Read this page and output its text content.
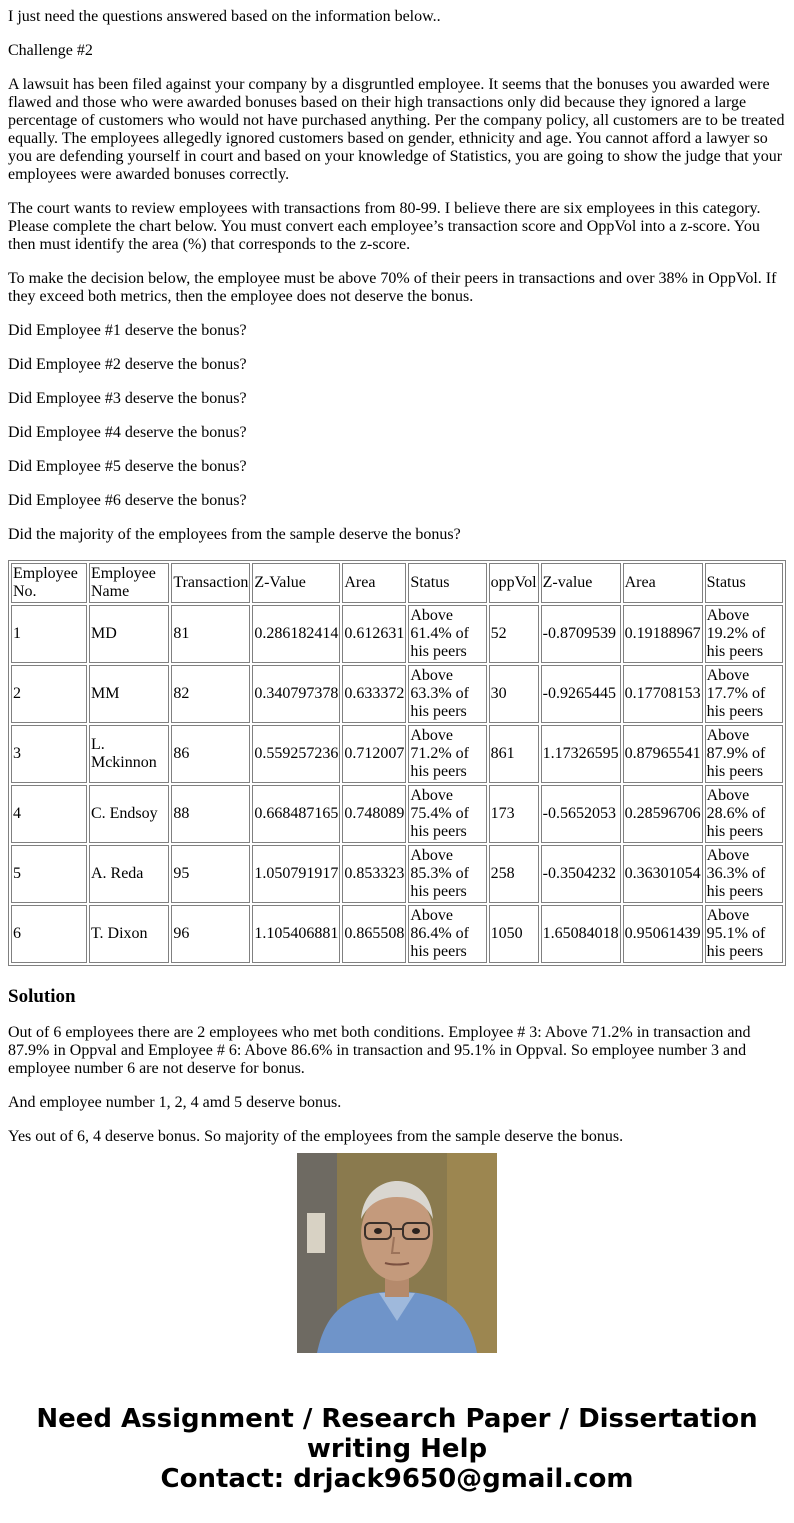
I just need the questions answered based on the information below..

Challenge #2

A lawsuit has been filed against your company by a disgruntled employee. It seems that the bonuses you awarded were flawed and those who were awarded bonuses based on their high transactions only did because they ignored a large percentage of customers who would not have purchased anything. Per the company policy, all customers are to be treated equally. The employees allegedly ignored customers based on gender, ethnicity and age. You cannot afford a lawyer so you are defending yourself in court and based on your knowledge of Statistics, you are going to show the judge that your employees were awarded bonuses correctly.

The court wants to review employees with transactions from 80-99. I believe there are six employees in this category. Please complete the chart below. You must convert each employee’s transaction score and OppVol into a z-score. You then must identify the area (%) that corresponds to the z-score.

To make the decision below, the employee must be above 70% of their peers in transactions and over 38% in OppVol. If they exceed both metrics, then the employee does not deserve the bonus.

Did Employee #1 deserve the bonus?

Did Employee #2 deserve the bonus?

Did Employee #3 deserve the bonus?

Did Employee #4 deserve the bonus?

Did Employee #5 deserve the bonus?

Did Employee #6 deserve the bonus?

Did the majority of the employees from the sample deserve the bonus?

Employee No.	Employee Name	Transaction	Z-Value	Area	Status	oppVol	Z-value	Area	Status
1	MD	81	0.286182414	0.612631	Above 61.4% of his peers	52	-0.8709539	0.19188967	Above 19.2% of his peers
2	MM	82	0.340797378	0.633372	Above 63.3% of his peers	30	-0.9265445	0.17708153	Above 17.7% of his peers
3	L. Mckinnon	86	0.559257236	0.712007	Above 71.2% of his peers	861	1.17326595	0.87965541	Above 87.9% of his peers
4	C. Endsoy	88	0.668487165	0.748089	Above 75.4% of his peers	173	-0.5652053	0.28596706	Above 28.6% of his peers
5	A. Reda	95	1.050791917	0.853323	Above 85.3% of his peers	258	-0.3504232	0.36301054	Above 36.3% of his peers
6	T. Dixon	96	1.105406881	0.865508	Above 86.4% of his peers	1050	1.65084018	0.95061439	Above 95.1% of his peers
Solution

Out of 6 employees there are 2 employees who met both conditions. Employee # 3: Above 71.2% in transaction and 87.9% in Oppval and Employee # 6: Above 86.6% in transaction and 95.1% in Oppval. So employee number 3 and employee number 6 are not deserve for bonus.

And employee number 1, 2, 4 amd 5 deserve bonus.

Yes out of 6, 4 deserve bonus. So majority of the employees from the sample deserve the bonus.

Need Assignment / Research Paper / Dissertation
writing Help
Contact: drjack9650@gmail.com
